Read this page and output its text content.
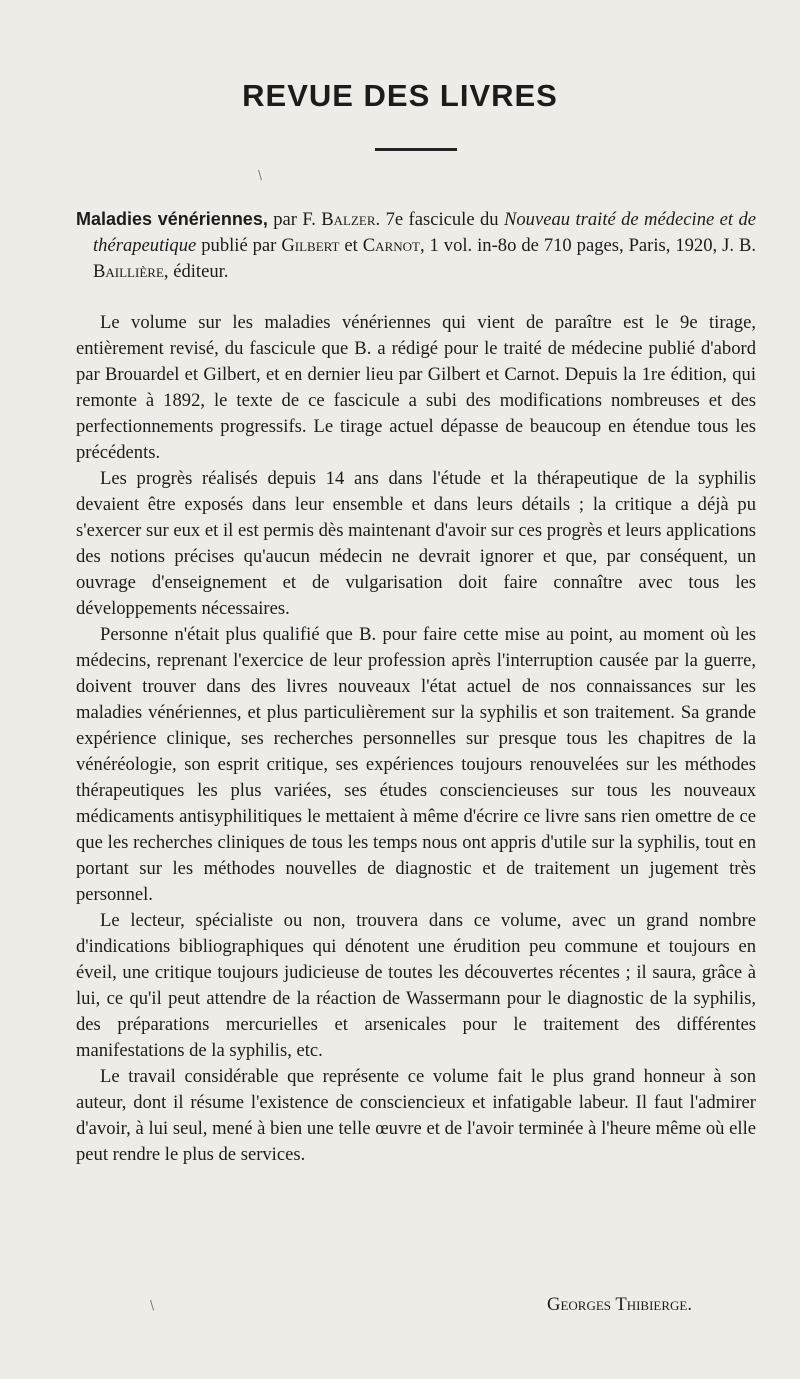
REVUE DES LIVRES

Maladies vénériennes, par F. Balzer. 7e fascicule du Nouveau traité de médecine et de thérapeutique publié par Gilbert et Carnot, 1 vol. in-8o de 710 pages, Paris, 1920, J. B. Baillière, éditeur.

Le volume sur les maladies vénériennes qui vient de paraître est le 9e tirage, entièrement revisé, du fascicule que B. a rédigé pour le traité de médecine publié d'abord par Brouardel et Gilbert, et en dernier lieu par Gilbert et Carnot. Depuis la 1re édition, qui remonte à 1892, le texte de ce fascicule a subi des modifications nombreuses et des perfectionnements progressifs. Le tirage actuel dépasse de beaucoup en étendue tous les précédents.

Les progrès réalisés depuis 14 ans dans l'étude et la thérapeutique de la syphilis devaient être exposés dans leur ensemble et dans leurs détails ; la critique a déjà pu s'exercer sur eux et il est permis dès maintenant d'avoir sur ces progrès et leurs applications des notions précises qu'aucun médecin ne devrait ignorer et que, par conséquent, un ouvrage d'enseignement et de vulgarisation doit faire connaître avec tous les développements nécessaires.

Personne n'était plus qualifié que B. pour faire cette mise au point, au moment où les médecins, reprenant l'exercice de leur profession après l'interruption causée par la guerre, doivent trouver dans des livres nouveaux l'état actuel de nos connaissances sur les maladies vénériennes, et plus particulièrement sur la syphilis et son traitement. Sa grande expérience clinique, ses recherches personnelles sur presque tous les chapitres de la vénéréologie, son esprit critique, ses expériences toujours renouvelées sur les méthodes thérapeutiques les plus variées, ses études consciencieuses sur tous les nouveaux médicaments antisyphilitiques le mettaient à même d'écrire ce livre sans rien omettre de ce que les recherches cliniques de tous les temps nous ont appris d'utile sur la syphilis, tout en portant sur les méthodes nouvelles de diagnostic et de traitement un jugement très personnel.

Le lecteur, spécialiste ou non, trouvera dans ce volume, avec un grand nombre d'indications bibliographiques qui dénotent une érudition peu commune et toujours en éveil, une critique toujours judicieuse de toutes les découvertes récentes ; il saura, grâce à lui, ce qu'il peut attendre de la réaction de Wassermann pour le diagnostic de la syphilis, des préparations mercurielles et arsenicales pour le traitement des différentes manifestations de la syphilis, etc.

Le travail considérable que représente ce volume fait le plus grand honneur à son auteur, dont il résume l'existence de consciencieux et infatigable labeur. Il faut l'admirer d'avoir, à lui seul, mené à bien une telle œuvre et de l'avoir terminée à l'heure même où elle peut rendre le plus de services.

Georges Thibierge.

\
\
